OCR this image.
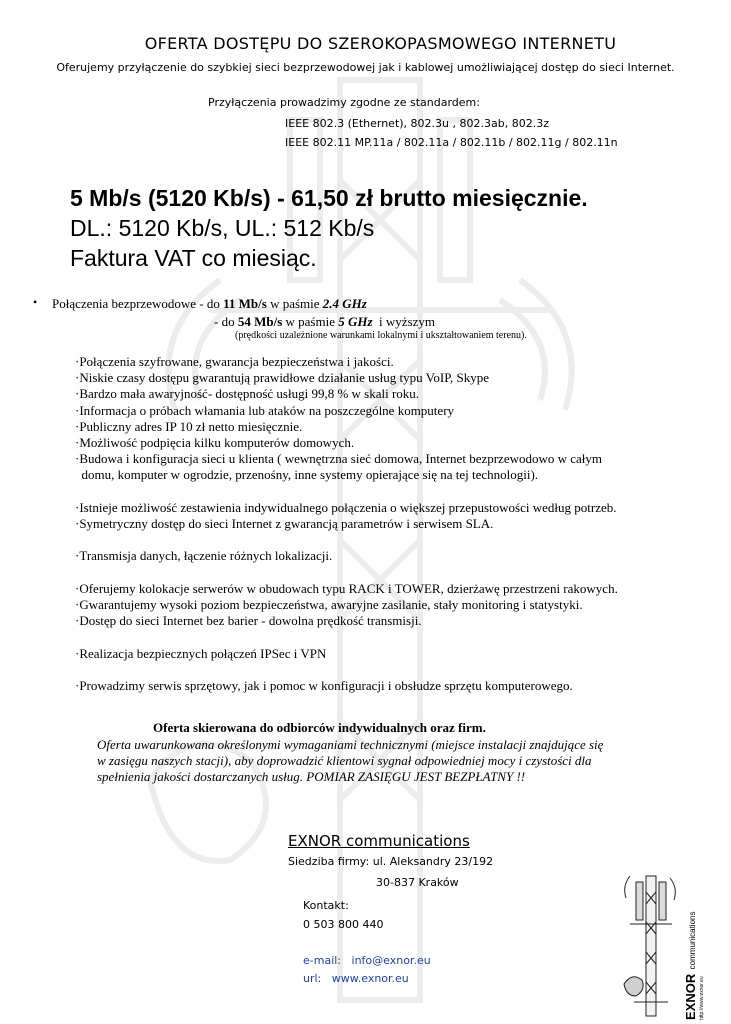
OFERTA DOSTĘPU DO SZEROKOPASMOWEGO INTERNETU
Oferujemy przyłączenie do szybkiej sieci bezprzewodowej jak i kablowej umożliwiającej dostęp do sieci Internet.
Przyłączenia prowadzimy zgodne ze standardem:
IEEE 802.3 (Ethernet), 802.3u , 802.3ab, 802.3z
IEEE 802.11 MP.11a / 802.11a / 802.11b / 802.11g / 802.11n
5 Mb/s (5120 Kb/s) - 61,50 zł brutto miesięcznie.
DL.: 5120 Kb/s, UL.: 512 Kb/s
Faktura VAT co miesiąc.
• Połączenia bezprzewodowe - do 11 Mb/s w paśmie 2.4 GHz
- do 54 Mb/s w paśmie 5 GHz  i wyższym
(prędkości uzależnione warunkami lokalnymi i ukształtowaniem terenu).
·Połączenia szyfrowane, gwarancja bezpieczeństwa i jakości.
·Niskie czasy dostępu gwarantują prawidłowe działanie usług typu VoIP, Skype
·Bardzo mała awaryjność- dostępność usługi 99,8 % w skali roku.
·Informacja o próbach włamania lub ataków na poszczególne komputery
·Publiczny adres IP 10 zł netto miesięcznie.
·Możliwość podpięcia kilku komputerów domowych.
·Budowa i konfiguracja sieci u klienta ( wewnętrzna sieć domowa, Internet bezprzewodowo w całym
domu, komputer w ogrodzie, przenośny, inne systemy opierające się na tej technologii).
·Istnieje możliwość zestawienia indywidualnego połączenia o większej przepustowości według potrzeb.
·Symetryczny dostęp do sieci Internet z gwarancją parametrów i serwisem SLA.
·Transmisja danych, łączenie różnych lokalizacji.
·Oferujemy kolokacje serwerów w obudowach typu RACK i TOWER, dzierżawę przestrzeni rakowych.
·Gwarantujemy wysoki poziom bezpieczeństwa, awaryjne zasilanie, stały monitoring i statystyki.
·Dostęp do sieci Internet bez barier - dowolna prędkość transmisji.
·Realizacja bezpiecznych połączeń IPSec i VPN
·Prowadzimy serwis sprzętowy, jak i pomoc w konfiguracji i obsłudze sprzętu komputerowego.
Oferta skierowana do odbiorców indywidualnych oraz firm.
Oferta uwarunkowana określonymi wymaganiami technicznymi (miejsce instalacji znajdujące się
w zasięgu naszych stacji), aby doprowadzić klientowi sygnał odpowiedniej mocy i czystości dla
spełnienia jakości dostarczanych usług. POMIAR ZASIĘGU JEST BEZPŁATNY !!
EXNOR communications
Siedziba firmy: ul. Aleksandry 23/192
30-837 Kraków
Kontakt:
0 503 800 440
e-mail: info@exnor.eu
url: www.exnor.eu	EXNOR communications
http://www.exnor.eu
